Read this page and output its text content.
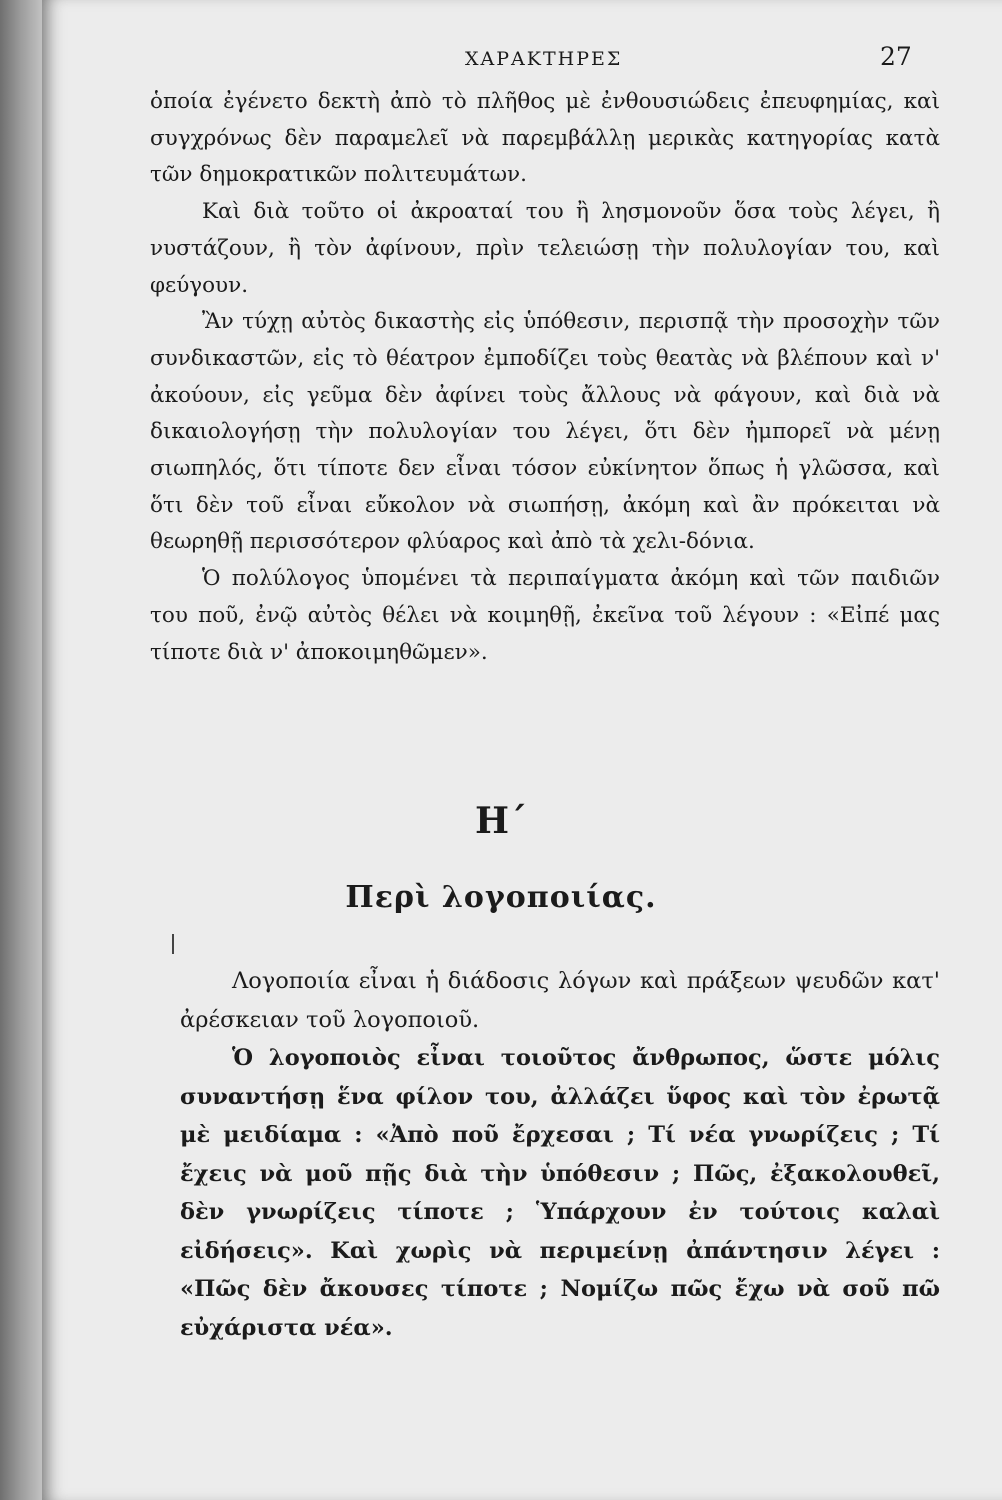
ΧΑΡΑΚΤΗΡΕΣ	27

ὁποία ἐγένετο δεκτὴ ἀπὸ τὸ πλῆθος μὲ ἐνθουσιώδεις ἐπευφημίας, καὶ συγχρόνως δὲν παραμελεῖ νὰ παρεμβάλλῃ μερικὰς κατηγορίας κατὰ τῶν δημοκρατικῶν πολιτευμάτων.

Καὶ διὰ τοῦτο οἱ ἀκροαταί του ἢ λησμονοῦν ὅσα τοὺς λέγει, ἢ νυστάζουν, ἢ τὸν ἀφίνουν, πρὶν τελειώσῃ τὴν πολυλογίαν του, καὶ φεύγουν.

Ἂν τύχῃ αὐτὸς δικαστὴς εἰς ὑπόθεσιν, περισπᾷ τὴν προσοχὴν τῶν συνδικαστῶν, εἰς τὸ θέατρον ἐμποδίζει τοὺς θεατὰς νὰ βλέπουν καὶ ν' ἀκούουν, εἰς γεῦμα δὲν ἀφίνει τοὺς ἄλλους νὰ φάγουν, καὶ διὰ νὰ δικαιολογήσῃ τὴν πολυλογίαν του λέγει, ὅτι δὲν ἠμπορεῖ νὰ μένῃ σιωπηλός, ὅτι τίποτε δεν εἶναι τόσον εὐκίνητον ὅπως ἡ γλῶσσα, καὶ ὅτι δὲν τοῦ εἶναι εὔκολον νὰ σιωπήσῃ, ἀκόμη καὶ ἂν πρόκειται νὰ θεωρηθῇ περισσότερον φλύαρος καὶ ἀπὸ τὰ χελι-δόνια.

Ὁ πολύλογος ὑπομένει τὰ περιπαίγματα ἀκόμη καὶ τῶν παιδιῶν του ποῦ, ἐνῷ αὐτὸς θέλει νὰ κοιμηθῇ, ἐκεῖνα τοῦ λέγουν : «Εἰπέ μας τίποτε διὰ ν' ἀποκοιμηθῶμεν».

Η΄
Περὶ λογοποιίας.

Λογοποιία εἶναι ἡ διάδοσις λόγων καὶ πράξεων ψευδῶν κατ' ἀρέσκειαν τοῦ λογοποιοῦ.

Ὁ λογοποιὸς εἶναι τοιοῦτος ἄνθρωπος, ὥστε μόλις συναντήσῃ ἕνα φίλον του, ἀλλάζει ὕφος καὶ τὸν ἐρωτᾷ μὲ μειδίαμα : «Ἀπὸ ποῦ ἔρχεσαι ; Τί νέα γνωρίζεις ; Τί ἔχεις νὰ μοῦ πῇς διὰ τὴν ὑπόθεσιν ; Πῶς, ἐξακολουθεῖ, δὲν γνωρίζεις τίποτε ; Ὑπάρχουν ἐν τούτοις καλαὶ εἰδήσεις». Καὶ χωρὶς νὰ περιμείνῃ ἀπάντησιν λέγει : «Πῶς δὲν ἄκουσες τίποτε ; Νομίζω πῶς ἔχω νὰ σοῦ πῶ εὐχάριστα νέα».
